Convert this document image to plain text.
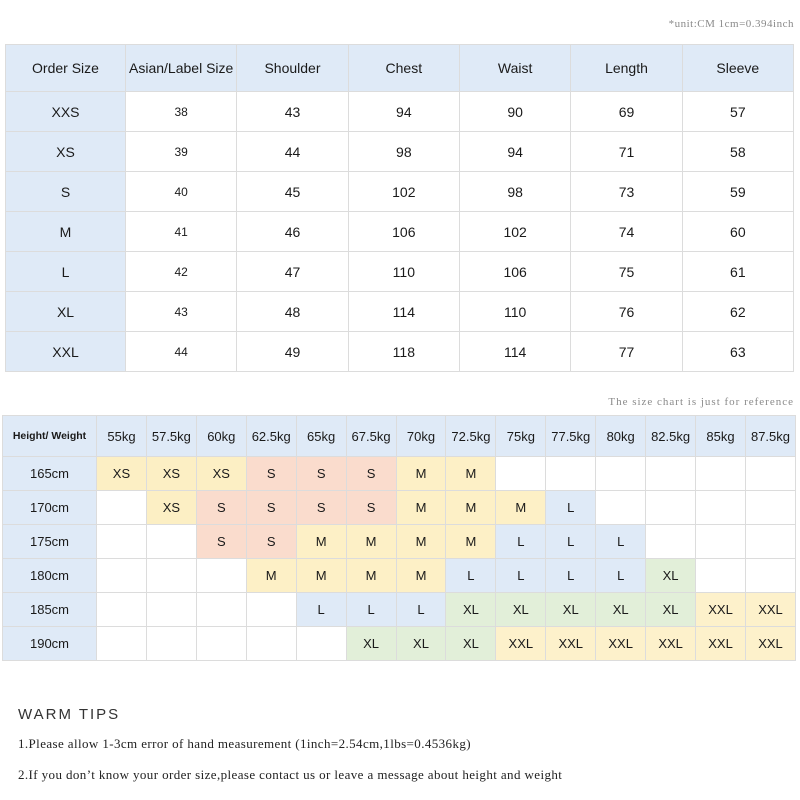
*unit:CM 1cm=0.394inch
Order Size	Asian/Label Size	Shoulder	Chest	Waist	Length	Sleeve
XXS	38	43	94	90	69	57
XS	39	44	98	94	71	58
S	40	45	102	98	73	59
M	41	46	106	102	74	60
L	42	47	110	106	75	61
XL	43	48	114	110	76	62
XXL	44	49	118	114	77	63
The size chart is just for reference
Height/ Weight	55kg	57.5kg	60kg	62.5kg	65kg	67.5kg	70kg	72.5kg	75kg	77.5kg	80kg	82.5kg	85kg	87.5kg
165cm	XS	XS	XS	S	S	S	M	M						
170cm		XS	S	S	S	S	M	M	M	L				
175cm			S	S	M	M	M	M	L	L	L			
180cm				M	M	M	M	L	L	L	L	XL		
185cm					L	L	L	XL	XL	XL	XL	XL	XXL	XXL
190cm						XL	XL	XL	XXL	XXL	XXL	XXL	XXL	XXL
WARM TIPS
1.Please allow 1-3cm error of hand measurement (1inch=2.54cm,1lbs=0.4536kg)
2.If you don’t know your order size,please contact us or leave a message about height and weight
